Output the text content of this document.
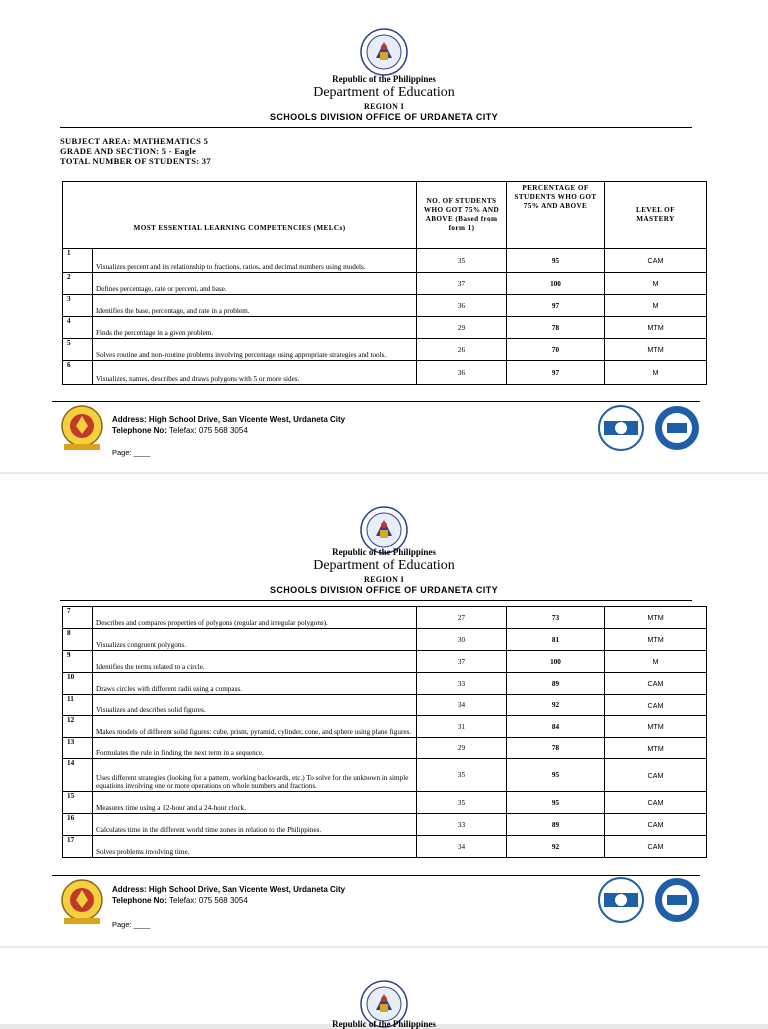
Republic of the Philippines
Department of Education
REGION I
SCHOOLS DIVISION OFFICE OF URDANETA CITY
SUBJECT AREA: MATHEMATICS 5
GRADE AND SECTION: 5 - Eagle
TOTAL NUMBER OF STUDENTS: 37
MOST ESSENTIAL LEARNING COMPETENCIES (MELCs)		NO. OF STUDENTS WHO GOT 75% AND ABOVE (Based from form 1)	PERCENTAGE OF STUDENTS WHO GOT 75% AND ABOVE	LEVEL OF MASTERY
1	Visualizes percent and its relationship to fractions, ratios, and decimal numbers using models.	35	95	CAM
2	Defines percentage, rate or percent, and base.	37	100	M
3	Identifies the base, percentage, and rate in a problem.	36	97	M
4	Finds the percentage in a given problem.	29	78	MTM
5	Solves routine and non-routine problems involving percentage using appropriate strategies and tools.	26	70	MTM
6	Visualizes, names, describes and draws polygons with 5 or more sides.	36	97	M
Address: High School Drive, San Vicente West, Urdaneta City
Telephone No: Telefax: 075 568 3054
Page: ____
Republic of the Philippines
Department of Education
REGION I
SCHOOLS DIVISION OFFICE OF URDANETA CITY
7	Describes and compares properties of polygons (regular and irregular polygons).	27	73	MTM
8	Visualizes congruent polygons.	30	81	MTM
9	Identifies the terms related to a circle.	37	100	M
10	Draws circles with different radii using a compass.	33	89	CAM
11	Visualizes and describes solid figures.	34	92	CAM
12	Makes models of different solid figures: cube, prism, pyramid, cylinder, cone, and sphere using plane figures.	31	84	MTM
13	Formulates the rule in finding the next term in a sequence.	29	78	MTM
14	Uses different strategies (looking for a pattern, working backwards, etc.) To solve for the unknown in simple equations involving one or more operations on whole numbers and fractions.	35	95	CAM
15	Measures time using a 12-hour and a 24-hour clock.	35	95	CAM
16	Calculates time in the different world time zones in relation to the Philippines.	33	89	CAM
17	Solves problems involving time.	34	92	CAM
Address: High School Drive, San Vicente West, Urdaneta City
Telephone No: Telefax: 075 568 3054
Page: ____
Republic of the Philippines
